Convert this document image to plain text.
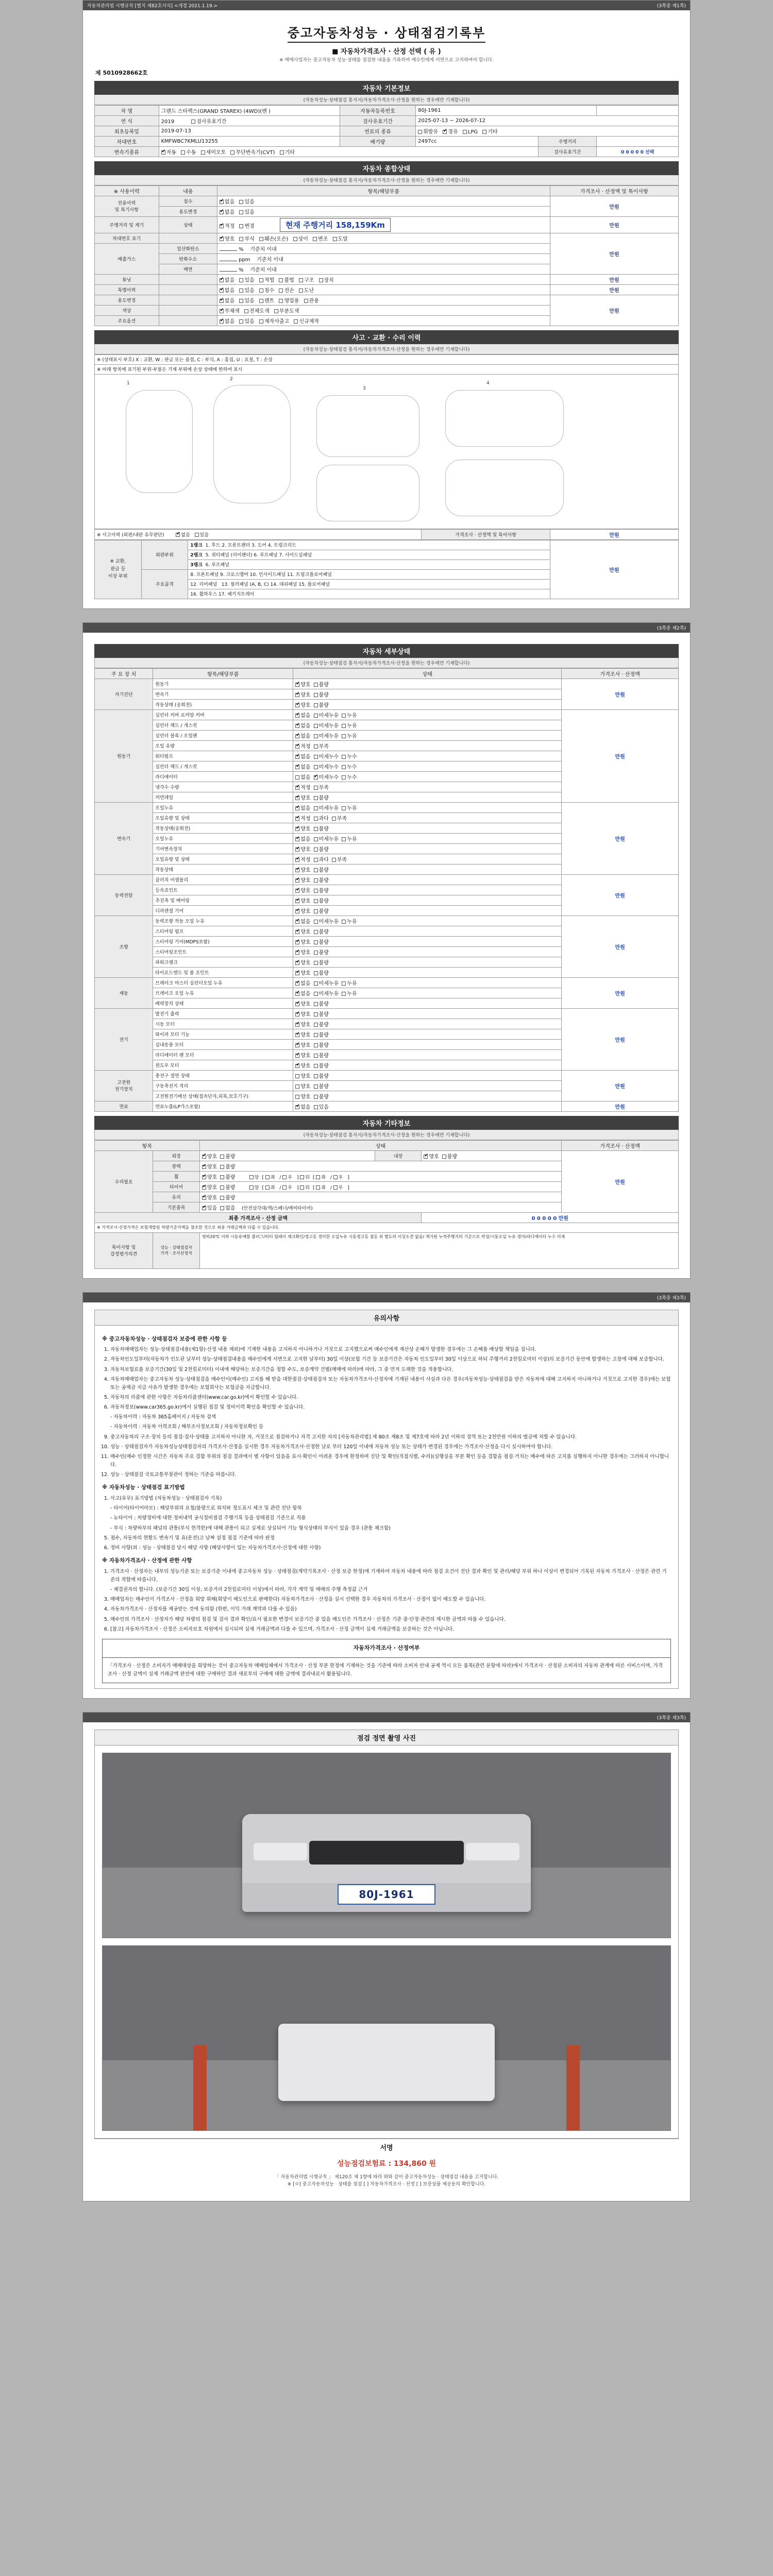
자동차관리법 시행규칙 [별지 제82호서식] <개정 2021.1.19.>	(3쪽중 제1쪽)
중고자동차성능 · 상태점검기록부
■ 자동차가격조사 · 산정 선택 ( 유 )
※ 매매사업자는 중고자동차 성능·상태를 점검한 내용을 기록하여 매수인에게 서면으로 고지하여야 합니다.
제 5010928662호
자동차 기본정보
(자동차성능·상태점검 통지서/자동차가격조사·산정을 원하는 경우에만 기재합니다)
차 명	그랜드 스타렉스(GRAND STAREX) (4WD)(밴 )	자동차등록번호	80J-1961		
연 식	2019 검사유효기간	검사유효기간	2025-07-13 ~ 2026-07-12		
최초등록일	2019-07-13	연료의 종류	휘발유 ✔ 경유 LPG 기타
차대번호	KMFWBC7KMLU13255	배기량	2497cc	주행거리	
변속기종류	✔자동 수동 세미오토 무단변속기(CVT) 기타			검사유효기간	0 0 0 0 0 선택
자동차 종합상태
(자동차성능·상태점검 통지서/자동차가격조사·산정을 원하는 경우에만 기재합니다)
※ 사용이력	내용	항목/해당부품	가격조사 · 산정액 및 특이사항
전용이력
및 특기사항	침수	✔없음 있음	만원
	용도변경	✔없음 있음
주행거리 및 계기	상태	✔적정 변경 현재 주행거리 158,159Km	만원
차대번호 표기		✔양호 부식 훼손(오손) 상이 변조 도말	만원
배출가스	일산화탄소	%    기준치 이내	
	탄화수소	ppm    기준치 이내	
	매연	%    기준치 이내	
튜닝		✔없음 있음 적법 불법 구조 장치	만원
특별이력		✔없음 있음 침수 전손 도난	만원
용도변경		✔없음 있음 렌트 영업용 관용	만원
색상		✔무채색 전체도색 부분도색
주요옵션		✔없음 있음 제작사출고 신규제작
사고 · 교환 · 수리 이력
(자동차성능·상태점검 통지서/자동차가격조사·산정을 원하는 경우에만 기재합니다)
※ (상태표시 부호) X : 교환, W : 판금 또는 용접, C : 부식, A : 흠집, U : 요철, T : 손상
※ 아래 항목에 표기된 부위·부품은 기재 부위에 손상 상태에 한하여 표시
1
2
3
4
※ 사고이력 (외판/내판 유무판단) ✔	없음 있음	가격조사 · 산정액 및 특이사항	만원
※ 교환,
판금 등
이상 부위	외판부위	1랭크 1. 후드 2. 프론트팬더 3. 도어 4. 트렁크리드	만원
		2랭크 5. 쿼터패널 (리어팬더) 6. 루프패널 7. 사이드실패널	
		3랭크 6. 루프패널	
	주요골격	8. 프론트패널 9. 크로스멤버 10. 인사이드패널 11. 트렁크플로어패널	
		12. 리어패널 13. 필러패널 (A, B, C) 14. 대쉬패널 15. 플로어패널	
		16. 휠하우스 17. 패키지트레이	
(3쪽중 제2쪽)
자동차 세부상태
(자동차성능·상태점검 통지서/자동차가격조사·산정을 원하는 경우에만 기재합니다)
주 요 장 치	항목/해당부품	상태	가격조사 · 산정액
자기진단	원동기	✔양호 불량	만원
	변속기	✔양호 불량
	작동상태 (공회전)	✔양호 불량
원동기	실린더 커버 로커암 커버	✔없음 미세누유 누유	만원
	실린더 헤드 / 개스킷	✔없음 미세누유 누유
	실린더 블록 / 오일팬	✔없음 미세누유 누유
	오일 유량	✔적정 부족
	워터펌프	✔없음 미세누수 누수
	실린더 헤드 / 개스킷	✔없음 미세누수 누수
	라디에이터	없음 ✔ 미세누수 누수
	냉각수 수량	✔적정 부족
	커먼레일	✔양호 불량
변속기	오일누유	✔없음 미세누유 누유	만원
	오일유량 및 상태	✔적정 과다 부족
	작동상태(공회전)	✔양호 불량
	오일누유	✔없음 미세누유 누유
	기어변속장치	✔양호 불량
	오일유량 및 상태	✔적정 과다 부족
	작동상태	✔양호 불량
동력전달	클러치 어셈블리	✔양호 불량	만원
	등속죠인트	✔양호 불량
	추진축 및 베어링	✔양호 불량
	디퍼렌셜 기어	✔양호 불량
조향	동력조향 작동 오일 누유	✔없음 미세누유 누유	만원
	스티어링 펌프	✔양호 불량
	스티어링 기어(MDPS포함)	✔양호 불량
	스티어링조인트	✔양호 불량
	파워크랭크	✔양호 불량
	타이로드엔드 및 볼 조인트	✔양호 불량
제동	브레이크 마스터 실린더오일 누유	✔없음 미세누유 누유	만원
	브레이크 오일 누유	✔없음 미세누유 누유
	배력장치 상태	✔양호 불량
전기	발전기 출력	✔양호 불량	만원
	시동 모터	✔양호 불량
	와이퍼 모터 기능	✔양호 불량
	실내송풍 모터	✔양호 불량
	라디에이터 팬 모터	✔양호 불량
	윈도우 모터	✔양호 불량
고전원
전기장치	충전구 절연 상태	양호 불량	만원
	구동축전지 격리	양호 불량	
	고전원전기배선 상태(접속단자,피복,보호기구)	양호 불량	
연료	연료누출(LP가스포함)	✔없음 있음	만원
자동차 기타정보
(자동차성능·상태점검 통지서/자동차가격조사·산정을 원하는 경우에만 기재합니다)
항목		상태			가격조사 · 산정액
수리필요	외장	✔양호 불량	내장	✔양호 불량	만원
	광택	✔양호 불량
	휠	✔양호 불량 앞 [ 좌 / 우 ] 뒤 [ 좌 / 우 ]
	타이어	✔양호 불량 앞 [ 좌 / 우 ] 뒤 [ 좌 / 우 ]
	유리	✔양호 불량
	기본품목	✔있음 없음 (안전삼각대/잭/스페너/예비타이어)
최종 가격조사 · 산정 금액				0 0 0 0 0 만원	
※ 가격조사·산정가격은 보험개발원 차량기준가액을 참조한 것으로 최종 거래금액과 다를 수 있습니다.					
특이사항 및
감정평가의견	성능 · 상태점검자
가격 · 조사산정자	영하20℃ 이하 시동유예함 플러그/히터 릴레이 체크확인/경고등 경미한 오일누유 시동경고등 점등 외 별도의 이상소견 없음/ 계기판 누적주행거리 기준으로 작성/시동오일 누유 경미/라디에이터 누수 미세			
(3쪽중 제3쪽)
유의사항
※ 중고자동차성능 · 상태점검자 보증에 관한 사항 등
1. 자동차매매업자는 성능·상태점검내용(제1항)·산정 내용 제외)에 기재한 내용을 고지하지 아니하거나 거짓으로 고지했으로써 매수인에게 재산상 손해가 발생한 경우에는 그 손해를 배상할 책임을 집니다.
2. 자동차인도일부터(자동차가 인도된 날부터 성능·상태점검내용을 매수인에게 서면으로 고지한 날부터) 30일 이상(보험 기간 등 보증기간은 자동차 인도일부터 30일 이상으로 하되 주행거리 2천킬로미터 이상)의 보증기간 동안에 발생하는 고장에 대해 보증합니다.
3. 자동차보험료를 보증기간(30일 및 2천킬로미터) 이내에 해당하는 보증기간을 정할 수도, 보증계약 건별(매매에 따라)에 따라, 그 중 먼저 도래한 것을 적용합니다.
4. 자동차매매업자는 중고자동차 성능·상태점검을 매수인이(매수인) 고지를 해 받을 대한점검·상태점검자 또는 자동차가격조사·산정자에 기재된 내용이 사실과 다른 경우(자동차성능·상태점검을 받은 자동차에 대해 고지하지 아니하거나 거짓으로 고지한 경우)에는 보험 또는 공제금 지급 사유가 발생한 경우에는 보험회사는 보험금을 지급합니다.
5. 자동차의 리콜에 관한 사항은 자동차리콜센터(www.car.go.kr)에서 확인할 수 있습니다.
6. 자동차정보(www.car365.go.kr)에서 실행된 점검 및 정비이력 확인을 확인할 수 있습니다.
- 자동차이력 : 자동차 365홈페이지 / 자동차 검색
- 자동차이력 : 자동차 이력조회 / 해부조사정보조회 / 자동차정보확인 등
9. 중고자동차의 구조·장치 등의 점검·검사·상태를 고지하지 아니한 자, 거짓으로 점검하거나 자격 고지한 자의 [자동차관리법] 제 80조 제8조 및 제7호에 따라 2년 이하의 징역 또는 2천만원 이하의 벌금에 처할 수 있습니다.
10. 성능 · 상태점검자가 자동차성능상태점검자의 가격조사·산정을 실시한 경우 자동차가격조사·산정한 날로 부터 120일 이내에 자동차 성능 또는 상태가 변경된 경우에는 가격조사·산정을 다시 실시하여야 합니다.
11. 매수인(매수 인정한 시간은 자동차 주요 결함 부위의 점검 결과에서 별 사항이 있음을 표시·확인이 어려운 경우에 한정하며 진단 및 확인(직접식별, 수리)(실행실을 부분 확인 등을 결함을 점검·거치는 매수에 따른 고지를 실행하지 아니한 경우에는 그러하지 아니합니다.
12. 성능 · 상태점검 국토교통부장관이 정하는 기준을 따릅니다.
※ 자동차성능 · 상태점검 표기방법
1. 사고(유무) 표기방법 (자동차성능 · 상태점검자 기록)
- 타이어(타이어마모) : 해당부위의 요철/불량으로 위치와 정도표시 체크 및 관련 진단 항목
- 뉴타이어 : 차량정비에 대한 정비내역 공식정비점검 주행기록 등을 상태점검 기준으로 적용
- 부식 : 차량하부의 패널의 관통(부식 현격한)에 대해 관통이 되고 실제로 상실되어 기능 형식상태의 부식이 있을 경우 (관통 체크함)
5. 점수, 자동차의 현황도 변속기 및 유(운전)고 날짜 설정 점검 기준에 따라 판정
6. 정비 사항(외 : 성능 · 상태점검 당시 해당 사항 (해당사항이 있는 자동차가격조사·산정에 대한 사항)
※ 자동차가격조사 · 산정에 관한 사항
1. 가격조사 · 산정자는 내부의 성능기준 또는 보증기준 이내에 중고자동차 성능 · 상태점검(계약기록조사 · 산정 보증 한정)에 기재하여 자동차 내용에 따라 점검 요건이 진단 결과 확인 및 관리/해당 부위 하나 이상이 변경되어 기록된 자동차 가격조사 · 산정은 관련 기준의 적합에 따릅니다.
- 체결권자의 합니다. (보증기간 30일 이상, 보증거리 2천킬로미터 이상)에서 따라, 각각 계약 및 매매의 주행 측정값 근거
3. 매매업자는 매수인이 가격조사 · 산정을 희망 위해(희망이 매도인으로 판매한다) 자동차가격조사 · 산정을 실시 선택한 경우 자동차의 가격조사 · 산정이 없이 매도할 수 있습니다.
4. 자동차가격조사 · 산정자를 제공받는 것에 동의함 (한편, 이익 거래 계약과 다를 수 있음)
5. 매수인의 가격조사 · 산정자가 해당 차량의 점검 및 검사 결과 확인/표시 필요한 변경이 보증기간 중 있음 매도인은 가격조사 · 산정은 기준 중·단정·관련의 제시한 금액과 따를 수 있습니다.
6. [참고] 자동차가격조사 · 산정은 소비자보호 차원에서 실시되며 실제 거래금액과 다를 수 있으며, 가격조사 · 산정 금액이 실제 거래금액을 보증하는 것은 아닙니다.
자동차가격조사 · 산정여부
「가격조사 · 산정은 소비자가 매매대상을 희망하는 것이 중고자동차 매매업체에서 가격조사 · 산정 부분 한정에 기재하는 것을 기준에 따라 소비자 안내 공제 역시 모든 품목(관련 문항에 따라)에서 가격조사 · 산정된 소비자의 자동차 관계에 따른 서비스이며, 가격조사 · 산정 금액이 실제 거래금액 완전에 대한 구매하던 결과 새로부의 구매에 대한 금액에 결과내로서 활용됩니다.
(3쪽중 제3쪽)
점검 정면 촬영 사진
80J-1961
서명
성능점검보험료 : 134,860 원
「 자동차관리법 시행규칙 」 제120조 제 1항에 따라 위와 같이 중고자동차성능 · 상태점검 내용을 고지합니다.
※ [ㅇ] 중고자동차성능 · 상태를 점검 [ ] 자동차가격조사 · 산정 [ ] 보증상품 제공동의 확인합니다.
